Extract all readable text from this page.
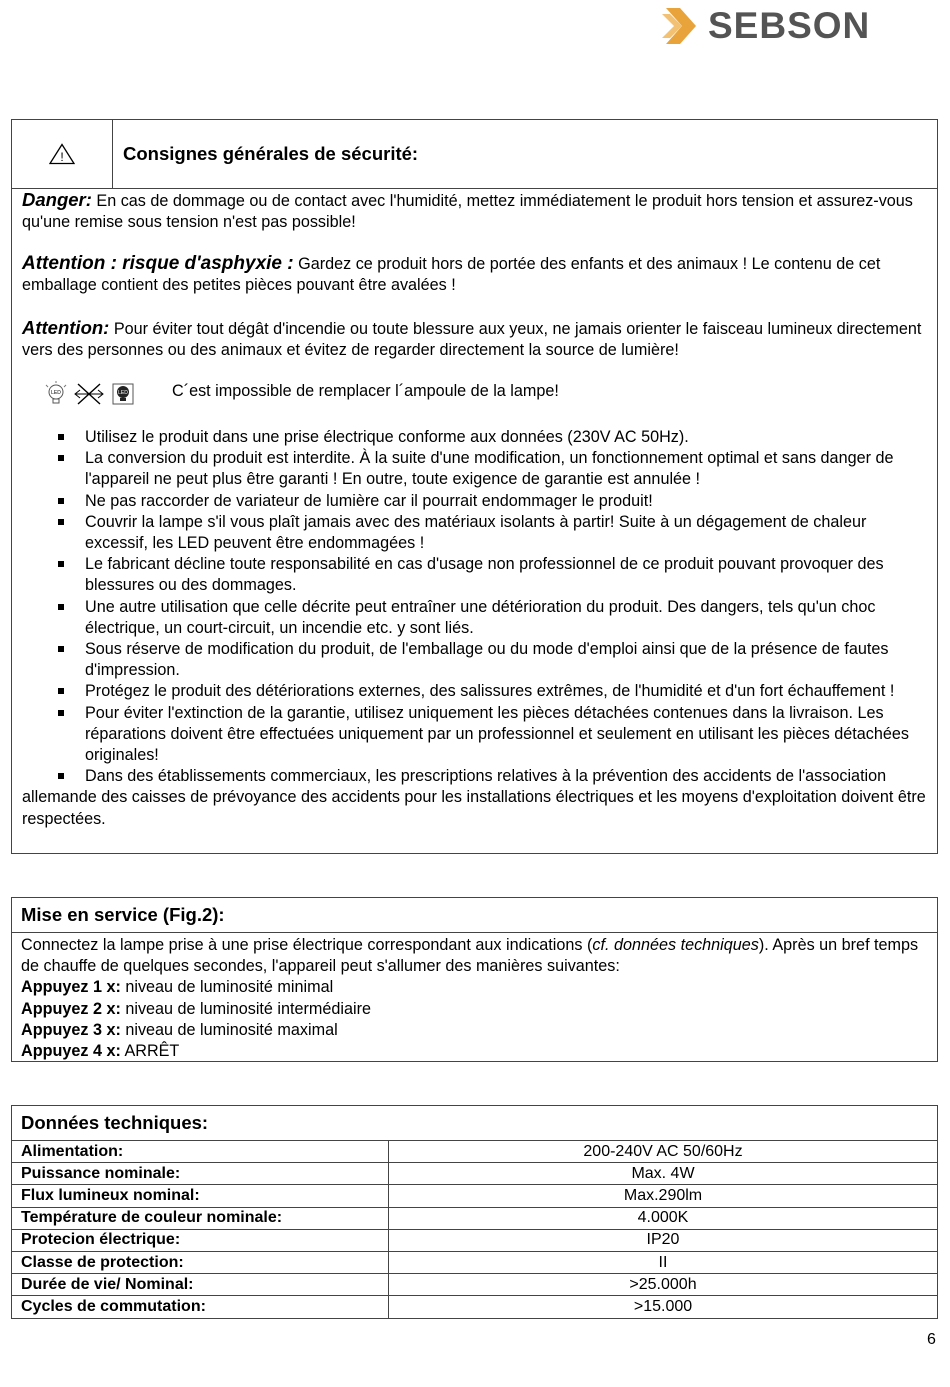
SEBSON
!	Consignes générales de sécurité:
Danger: En cas de dommage ou de contact avec l'humidité, mettez immédiatement le produit hors tension et assurez-vous qu'une remise sous tension n'est pas possible!
Attention : risque d'asphyxie : Gardez ce produit hors de portée des enfants et des animaux ! Le contenu de cet emballage contient des petites pièces pouvant être avalées !
Attention: Pour éviter tout dégât d'incendie ou toute blessure aux yeux, ne jamais orienter le faisceau lumineux directement vers des personnes ou des animaux et évitez de regarder directement la source de lumière!
LED	LED	C´est impossible de remplacer l´ampoule de la lampe!
Utilisez le produit dans une prise électrique conforme aux données (230V AC 50Hz).
La conversion du produit est interdite. À la suite d'une modification, un fonctionnement optimal et sans danger de l'appareil ne peut plus être garanti ! En outre, toute exigence de garantie est annulée !
Ne pas raccorder de variateur de lumière car il pourrait endommager le produit!
Couvrir la lampe s'il vous plaît jamais avec des matériaux isolants à partir! Suite à un dégagement de chaleur excessif, les LED peuvent être endommagées !
Le fabricant décline toute responsabilité en cas d'usage non professionnel de ce produit pouvant provoquer des blessures ou des dommages.
Une autre utilisation que celle décrite peut entraîner une détérioration du produit. Des dangers, tels qu'un choc électrique, un court-circuit, un incendie etc. y sont liés.
Sous réserve de modification du produit, de l'emballage ou du mode d'emploi ainsi que de la présence de fautes d'impression.
Protégez le produit des détériorations externes, des salissures extrêmes, de l'humidité et d'un fort échauffement !
Pour éviter l'extinction de la garantie, utilisez uniquement les pièces détachées contenues dans la livraison. Les réparations doivent être effectuées uniquement par un professionnel et seulement en utilisant les pièces détachées originales!
Dans des établissements commerciaux, les prescriptions relatives à la prévention des accidents de l'association allemande des caisses de prévoyance des accidents pour les installations électriques et les moyens d'exploitation doivent être respectées.
Mise en service (Fig.2):
Connectez la lampe prise à une prise électrique correspondant aux indications (cf. données techniques). Après un bref temps de chauffe de quelques secondes, l'appareil peut s'allumer des manières suivantes:
Appuyez 1 x: niveau de luminosité minimal
Appuyez 2 x: niveau de luminosité intermédiaire
Appuyez 3 x: niveau de luminosité maximal
Appuyez 4 x: ARRÊT
Données techniques:
Alimentation:	200-240V AC 50/60Hz
Puissance nominale:	Max. 4W
Flux lumineux nominal:	Max.290lm
Température de couleur nominale:	4.000K
Protecion électrique:	IP20
Classe de protection:	II
Durée de vie/ Nominal:	>25.000h
Cycles de commutation:	>15.000
6
